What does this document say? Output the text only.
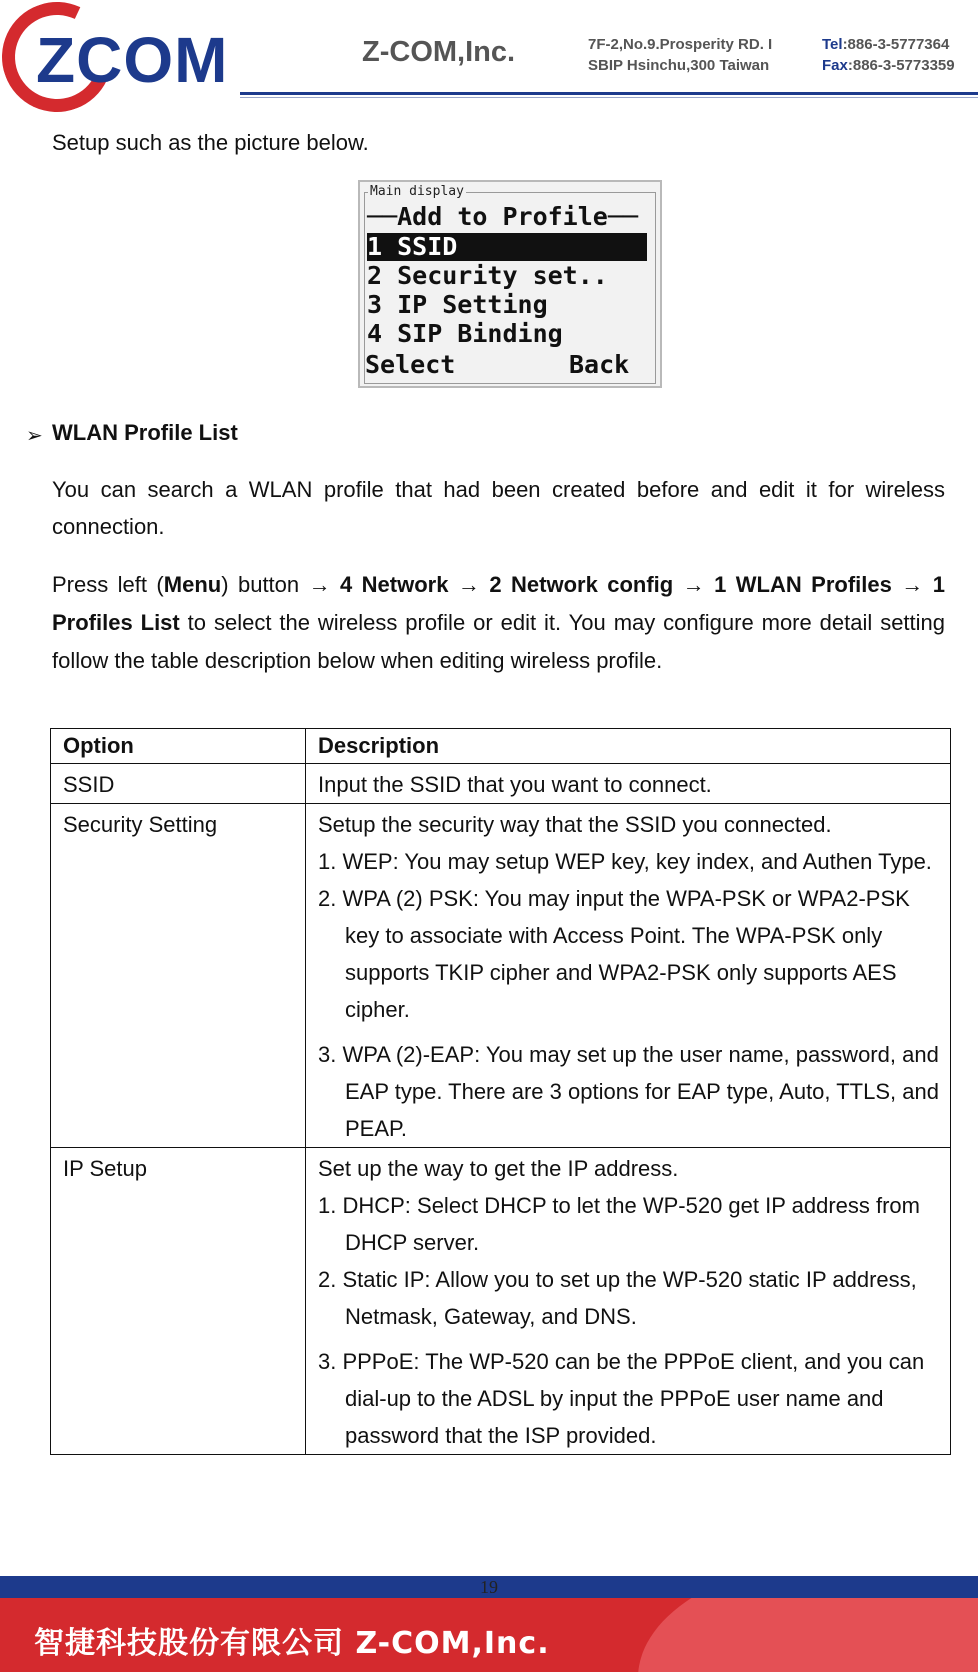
ZCOM	Z-COM,Inc.	7F-2,No.9.Prosperity RD. I
SBIP Hsinchu,300 Taiwan
Tel:886-3-5777364
Fax:886-3-5773359
Setup such as the picture below.
──Add to Profile──
1 SSID
2 Security set..
3 IP Setting
4 SIP Binding
Select	Back
Main display
➢ WLAN Profile List
You can search a WLAN profile that had been created before and edit it for wireless connection.
Press left (Menu) button → 4 Network → 2 Network config → 1 WLAN Profiles → 1 Profiles List to select the wireless profile or edit it. You may configure more detail setting follow the table description below when editing wireless profile.
Option	Description
SSID	Input the SSID that you want to connect.
Security Setting	Setup the security way that the SSID you connected.
1. WEP: You may setup WEP key, key index, and Authen Type.
2. WPA (2) PSK: You may input the WPA-PSK or WPA2-PSK key to associate with Access Point. The WPA-PSK only supports TKIP cipher and WPA2-PSK only supports AES cipher.
3. WPA (2)-EAP: You may set up the user name, password, and EAP type. There are 3 options for EAP type, Auto, TTLS, and PEAP.

IP Setup	Set up the way to get the IP address.
1. DHCP: Select DHCP to let the WP-520 get IP address from DHCP server.
2. Static IP: Allow you to set up the WP-520 static IP address, Netmask, Gateway, and DNS.
3. PPPoE: The WP-520 can be the PPPoE client, and you can dial-up to the ADSL by input the PPPoE user name and password that the ISP provided.
19
智捷科技股份有限公司 Z-COM,Inc.
